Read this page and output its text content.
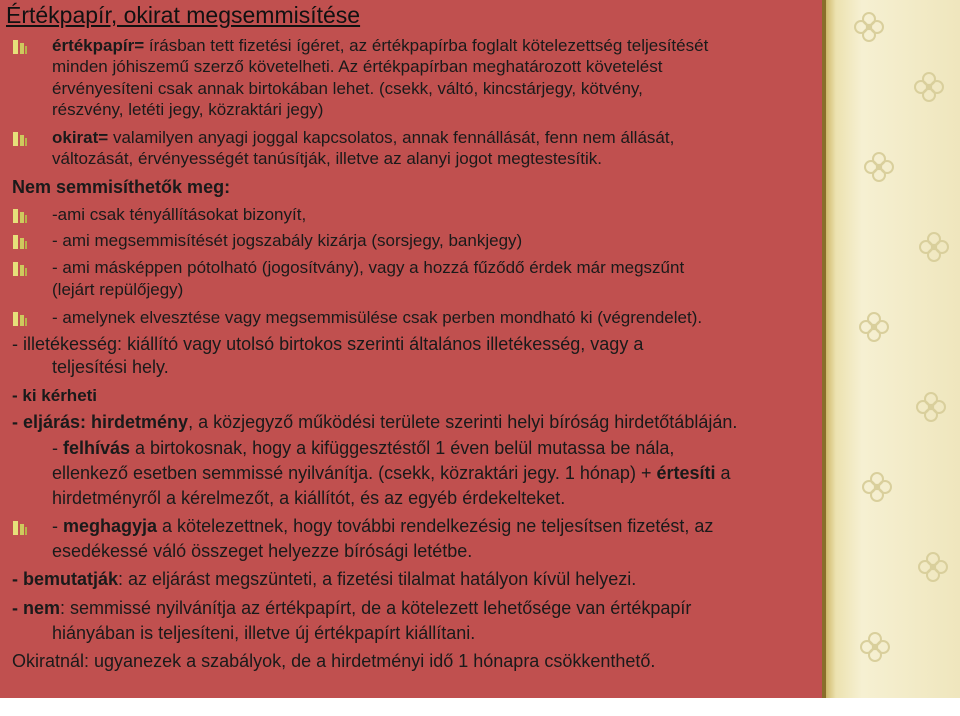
Értékpapír, okirat megsemmisítése
értékpapír= írásban tett fizetési ígéret, az értékpapírba foglalt kötelezettség teljesítését
minden jóhiszemű szerző követelheti. Az értékpapírban meghatározott követelést
érvényesíteni csak annak birtokában lehet. (csekk, váltó, kincstárjegy, kötvény,
részvény, letéti jegy, közraktári jegy)
okirat= valamilyen anyagi joggal kapcsolatos, annak fennállását, fenn nem állását,
változását, érvényességét tanúsítják, illetve az alanyi jogot megtestesítik.
Nem semmisíthetők meg:
-ami csak tényállításokat bizonyít,
- ami megsemmisítését jogszabály kizárja (sorsjegy, bankjegy)
- ami másképpen pótolható (jogosítvány), vagy a hozzá fűződő érdek már megszűnt
(lejárt repülőjegy)
- amelynek elvesztése vagy megsemmisülése csak perben mondható ki (végrendelet).
- illetékesség: kiállító vagy utolsó birtokos szerinti általános illetékesség, vagy a
teljesítési hely.
- ki kérheti
- eljárás: hirdetmény, a közjegyző működési területe szerinti helyi bíróság hirdetőtábláján.
- felhívás a birtokosnak, hogy a kifüggesztéstől 1 éven belül mutassa be nála,
ellenkező esetben semmissé nyilvánítja. (csekk, közraktári jegy. 1 hónap) + értesíti a
hirdetményről a kérelmezőt, a kiállítót, és az egyéb érdekelteket.
- meghagyja a kötelezettnek, hogy további rendelkezésig ne teljesítsen fizetést, az
esedékessé váló összeget helyezze bírósági letétbe.
- bemutatják: az eljárást megszünteti, a fizetési tilalmat hatályon kívül helyezi.
- nem: semmissé nyilvánítja az értékpapírt, de a kötelezett lehetősége van értékpapír
hiányában is teljesíteni, illetve új értékpapírt kiállítani.
Okiratnál: ugyanezek a szabályok, de a hirdetményi idő 1 hónapra csökkenthető.
